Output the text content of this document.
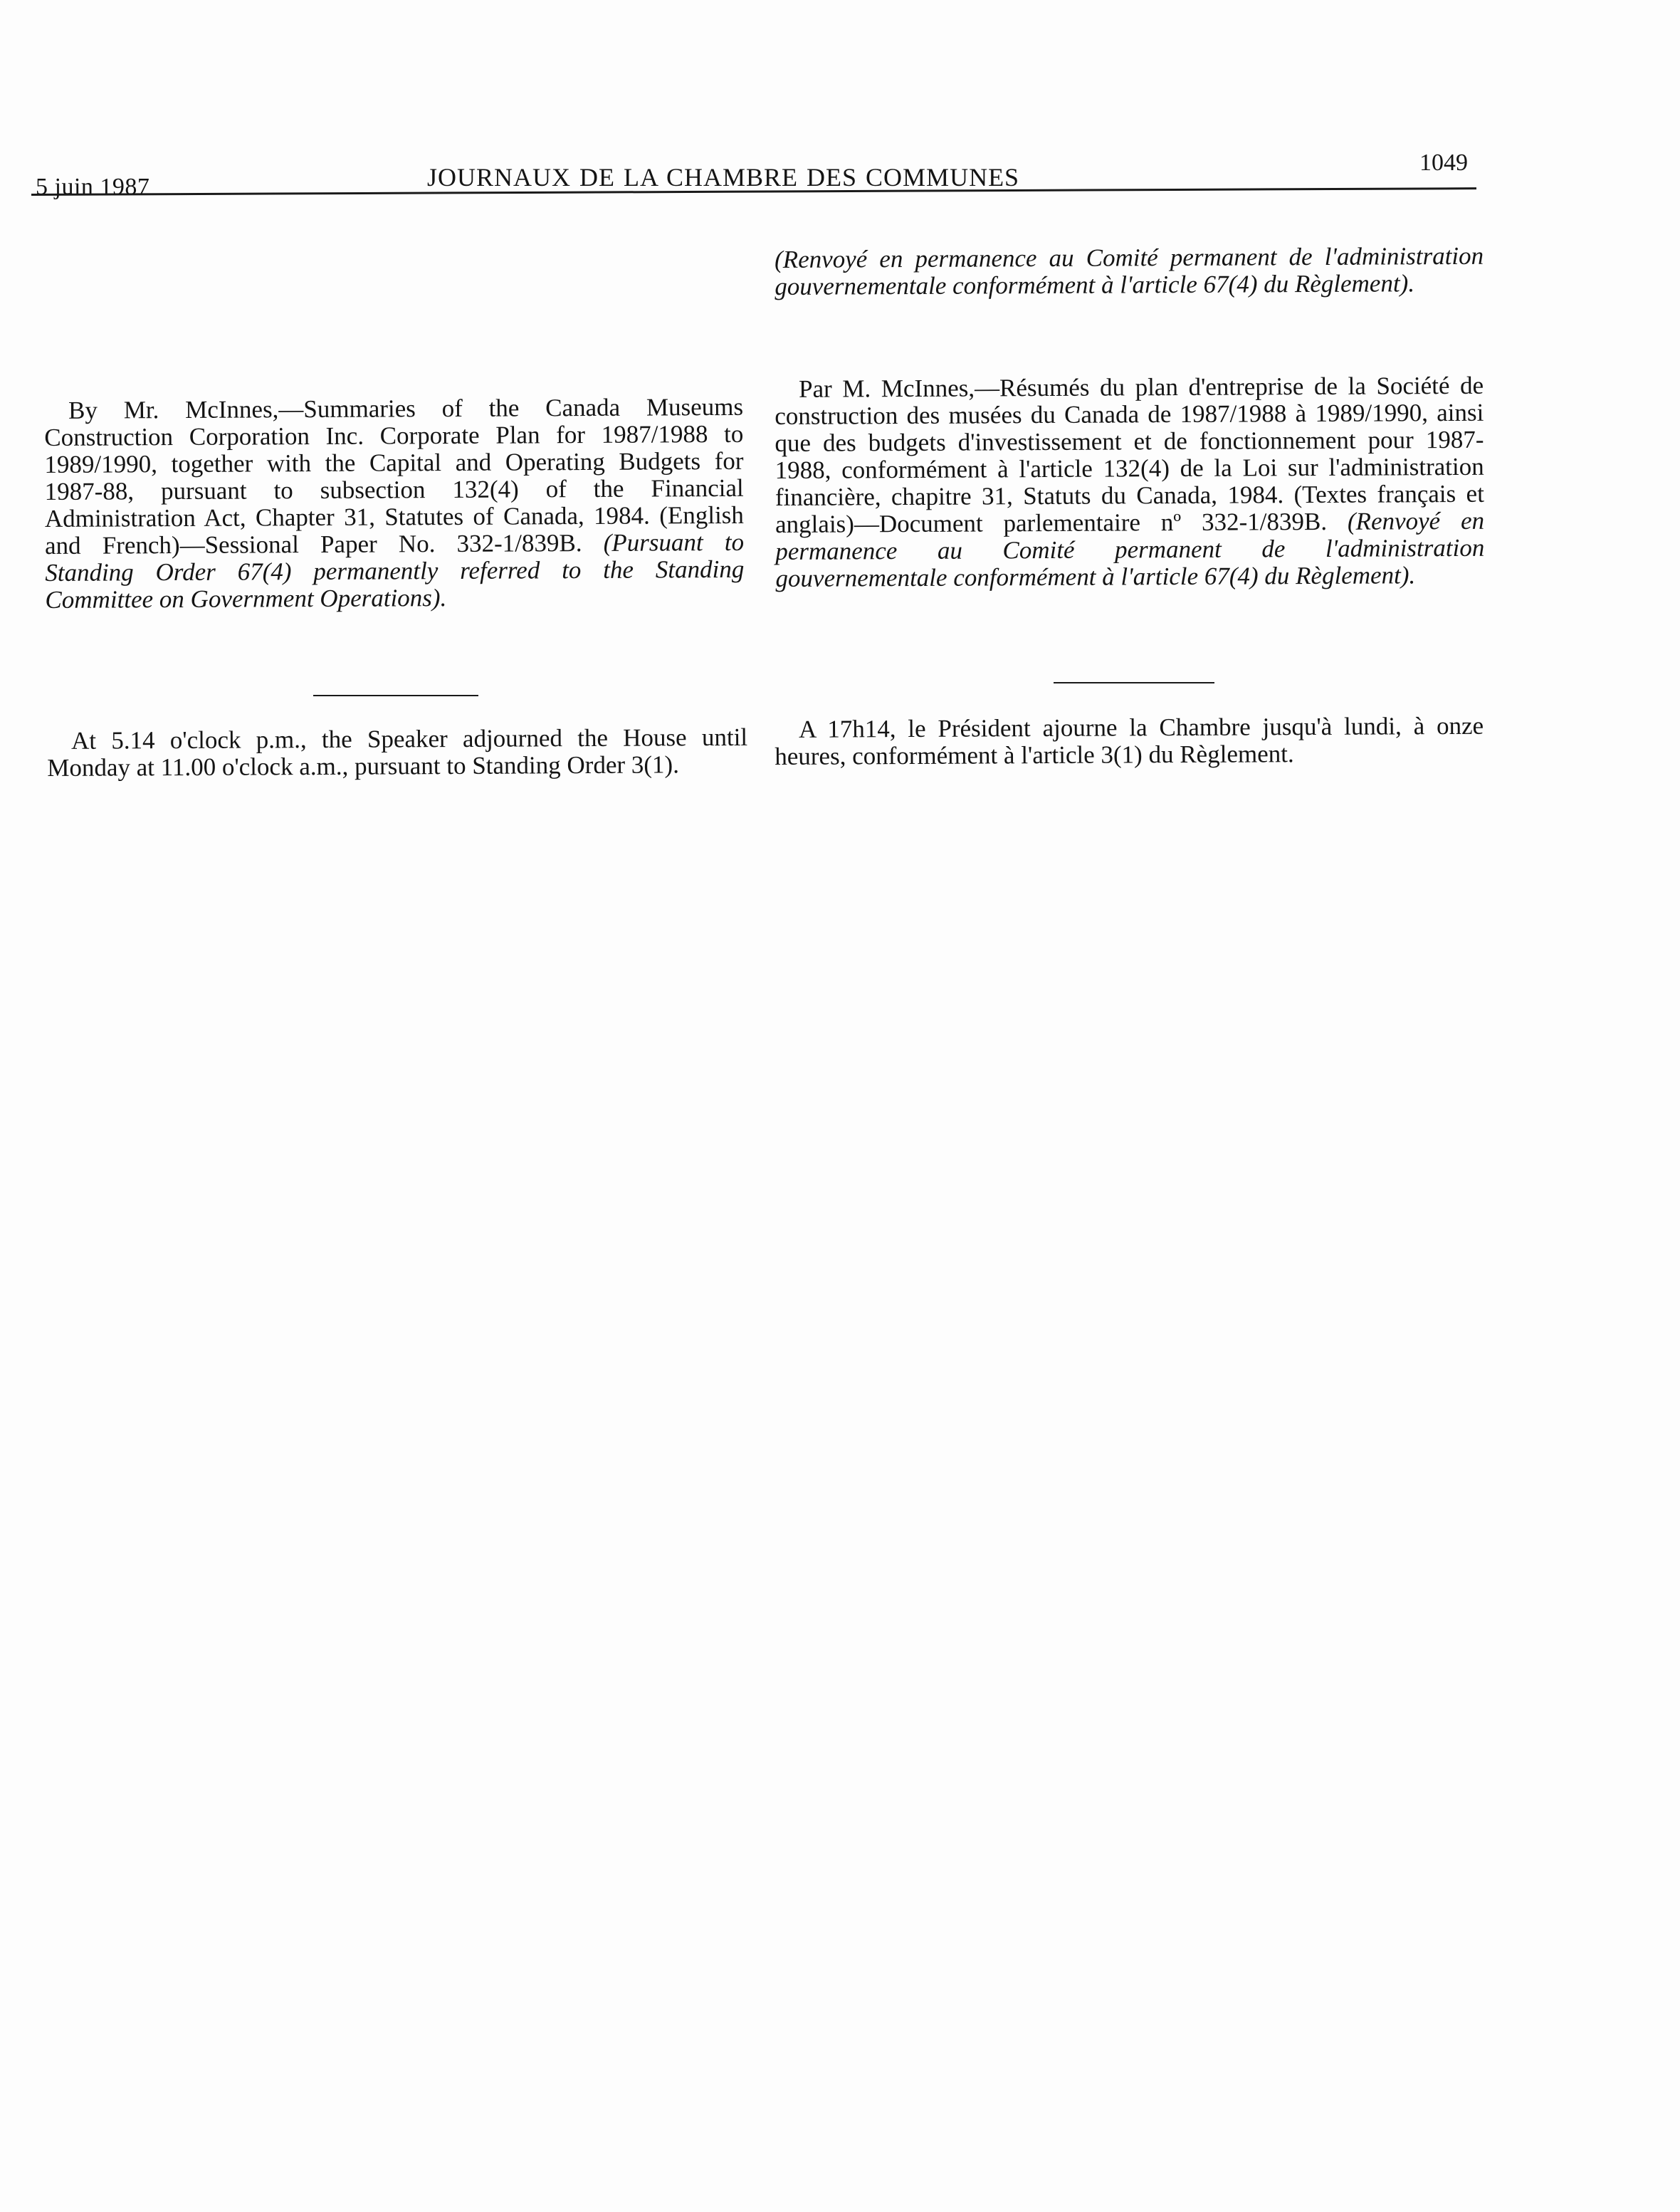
5 juin 1987	JOURNAUX DE LA CHAMBRE DES COMMUNES
1049

(Renvoyé en permanence au Comité permanent de l'administration gouvernementale conformément à l'article 67(4) du Règlement).

By Mr. McInnes,—Summaries of the Canada Museums Construction Corporation Inc. Corporate Plan for 1987/1988 to 1989/1990, together with the Capital and Operating Budgets for 1987-88, pursuant to subsection 132(4) of the Financial Administration Act, Chapter 31, Statutes of Canada, 1984. (English and French)—Sessional Paper No. 332-1/839B. (Pursuant to Standing Order 67(4) permanently referred to the Standing Committee on Government Operations).

Par M. McInnes,—Résumés du plan d'entreprise de la Société de construction des musées du Canada de 1987/1988 à 1989/1990, ainsi que des budgets d'investissement et de fonctionnement pour 1987-1988, conformément à l'article 132(4) de la Loi sur l'administration financière, chapitre 31, Statuts du Canada, 1984. (Textes français et anglais)—Document parlementaire nº 332-1/839B. (Renvoyé en permanence au Comité permanent de l'administration gouvernementale conformément à l'article 67(4) du Règlement).

At 5.14 o'clock p.m., the Speaker adjourned the House until Monday at 11.00 o'clock a.m., pursuant to Standing Order 3(1).

A 17h14, le Président ajourne la Chambre jusqu'à lundi, à onze heures, conformément à l'article 3(1) du Règlement.
